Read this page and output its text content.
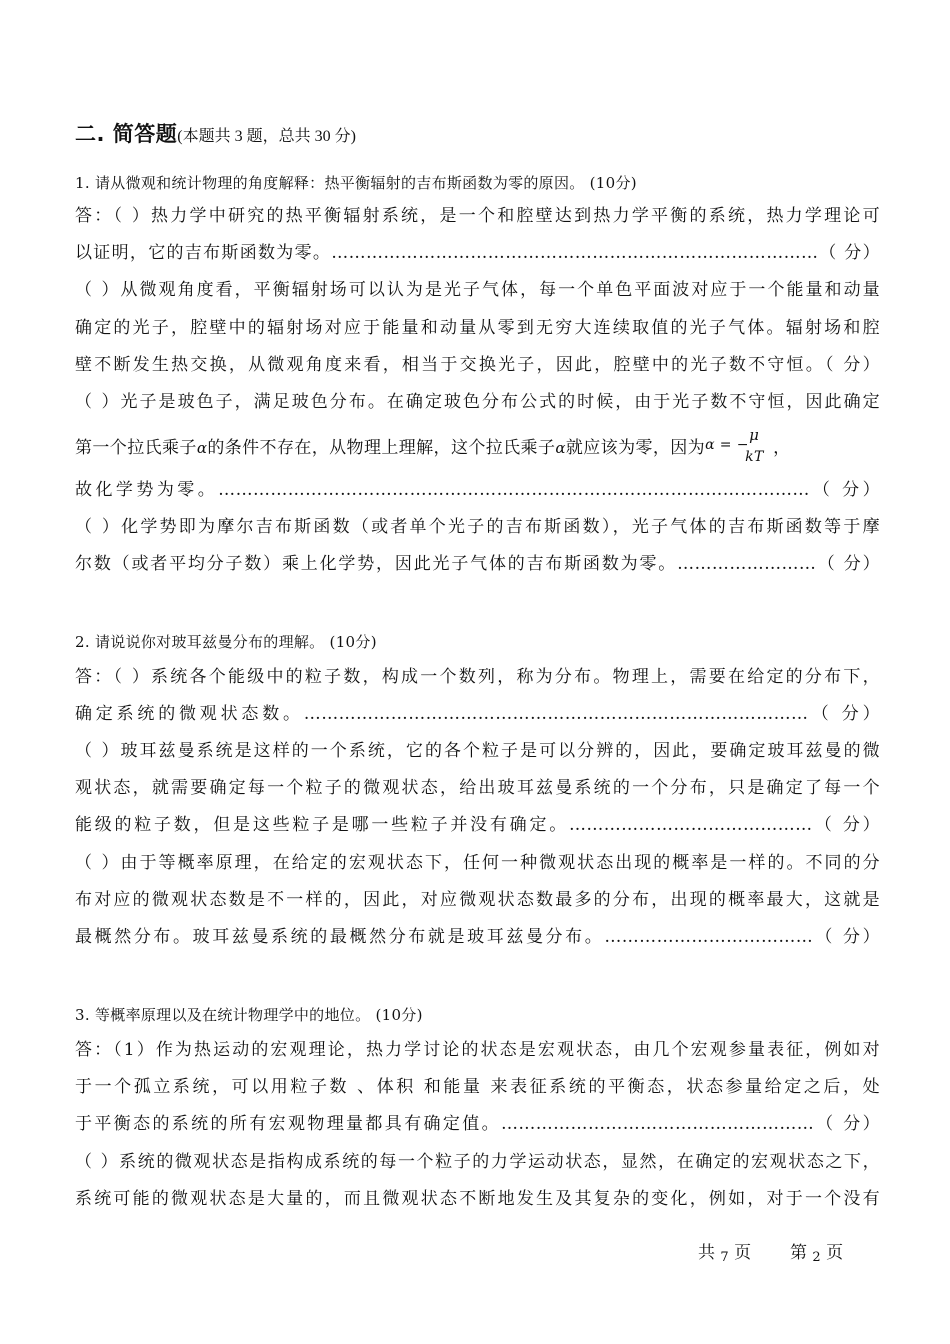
二. 简答题(本题共 3 题，总共 30 分)
1. 请从微观和统计物理的角度解释：热平衡辐射的吉布斯函数为零的原因。 (10分)
答：（ ）热力学中研究的热平衡辐射系统，是一个和腔壁达到热力学平衡的系统，热力学理论可
以证明，它的吉布斯函数为零。…………………………………………………………………………（ 分）
（ ）从微观角度看，平衡辐射场可以认为是光子气体，每一个单色平面波对应于一个能量和动量
确定的光子，腔壁中的辐射场对应于能量和动量从零到无穷大连续取值的光子气体。辐射场和腔
壁不断发生热交换，从微观角度来看，相当于交换光子，因此，腔壁中的光子数不守恒。（ 分）
（ ）光子是玻色子，满足玻色分布。在确定玻色分布公式的时候，由于光子数不守恒，因此确定
第一个拉氏乘子α的条件不存在，从物理上理解，这个拉氏乘子α就应该为零，因为 α = −
μ
kT ，
故化学势为零。…………………………………………………………………………………………（ 分）
（ ）化学势即为摩尔吉布斯函数（或者单个光子的吉布斯函数），光子气体的吉布斯函数等于摩
尔数（或者平均分子数）乘上化学势，因此光子气体的吉布斯函数为零。……………………（ 分）
2. 请说说你对玻耳兹曼分布的理解。 (10分)
答：（ ）系统各个能级中的粒子数，构成一个数列，称为分布。物理上，需要在给定的分布下，
确定系统的微观状态数。……………………………………………………………………………（ 分）
（ ）玻耳兹曼系统是这样的一个系统，它的各个粒子是可以分辨的，因此，要确定玻耳兹曼的微
观状态，就需要确定每一个粒子的微观状态，给出玻耳兹曼系统的一个分布，只是确定了每一个
能级的粒子数，但是这些粒子是哪一些粒子并没有确定。……………………………………（ 分）
（ ）由于等概率原理，在给定的宏观状态下，任何一种微观状态出现的概率是一样的。不同的分
布对应的微观状态数是不一样的，因此，对应微观状态数最多的分布，出现的概率最大，这就是
最概然分布。玻耳兹曼系统的最概然分布就是玻耳兹曼分布。………………………………（ 分）
3. 等概率原理以及在统计物理学中的地位。 (10分)
答：（1）作为热运动的宏观理论，热力学讨论的状态是宏观状态，由几个宏观参量表征，例如对
于一个孤立系统，可以用粒子数 、体积 和能量 来表征系统的平衡态，状态参量给定之后，处
于平衡态的系统的所有宏观物理量都具有确定值。………………………………………………（ 分）
（ ）系统的微观状态是指构成系统的每一个粒子的力学运动状态，显然，在确定的宏观状态之下，
系统可能的微观状态是大量的，而且微观状态不断地发生及其复杂的变化，例如，对于一个没有
共 7 页 第 2 页
